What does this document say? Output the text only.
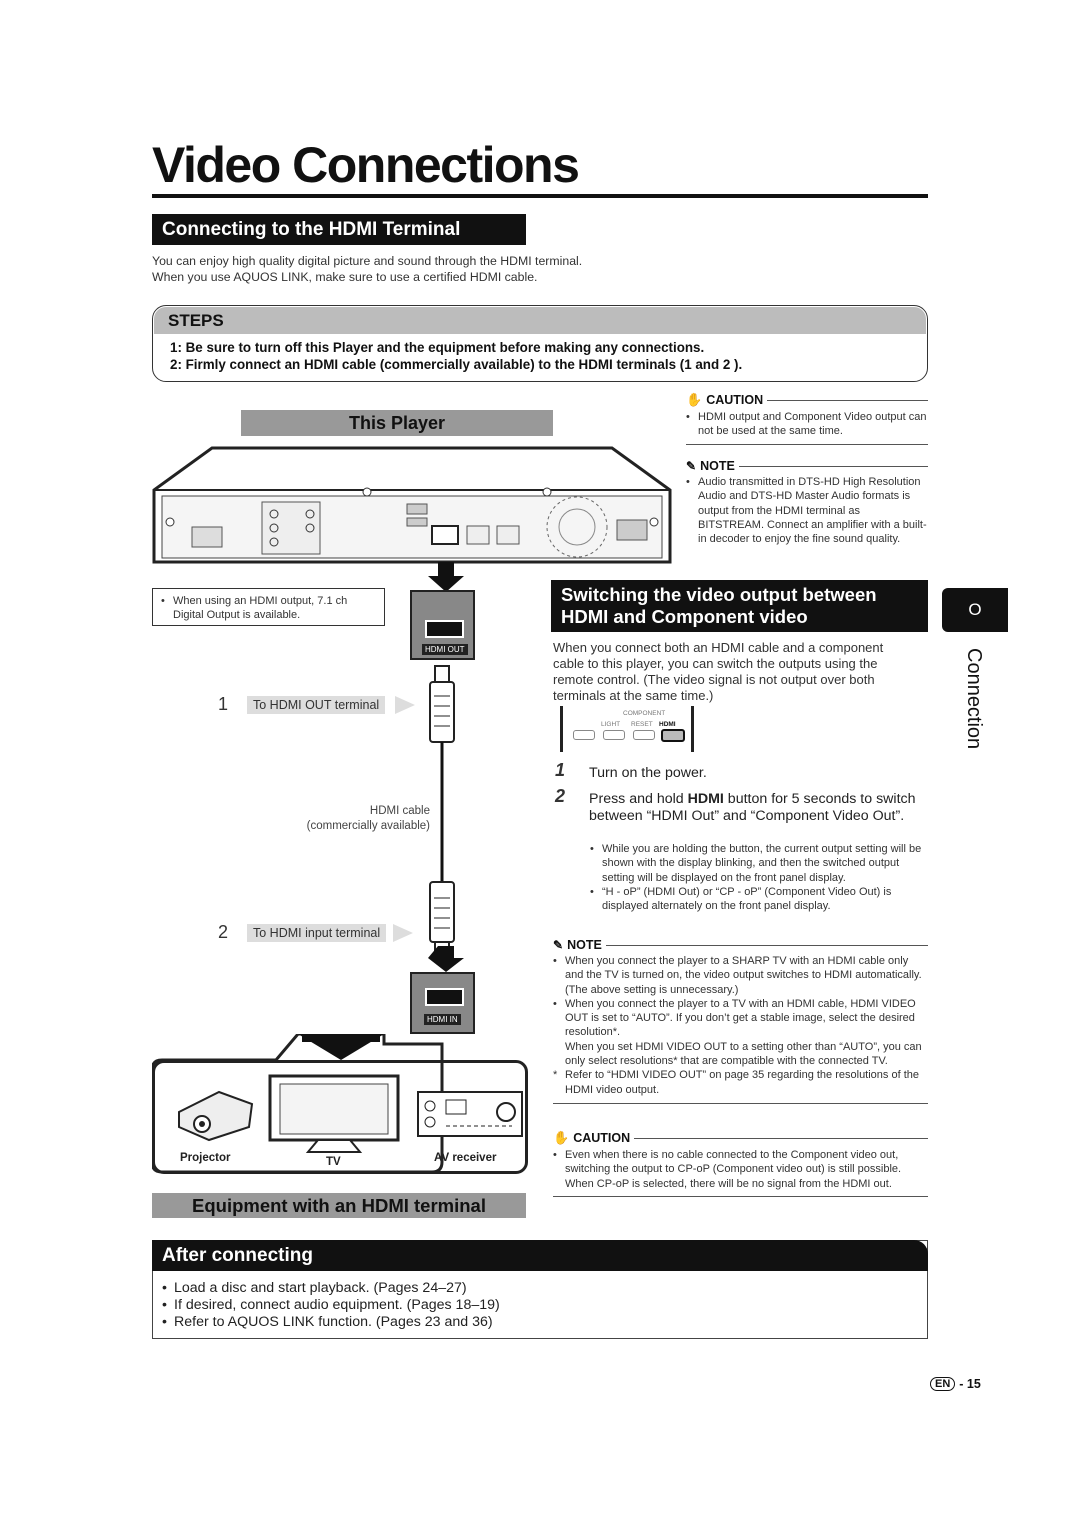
Video Connections
Connecting to the HDMI Terminal
You can enjoy high quality digital picture and sound through the HDMI terminal.
When you use AQUOS LINK, make sure to use a certified HDMI cable.
STEPS
1: Be sure to turn off this Player and the equipment before making any connections.
2: Firmly connect an HDMI cable (commercially available) to the HDMI terminals (1 and 2 ).
This Player
• When using an HDMI output, 7.1 ch Digital Output is available.
HDMI OUT
1	To HDMI OUT terminal
HDMI cable
(commercially available)
2	To HDMI input terminal
HDMI IN
Projector	TV	AV receiver
Equipment with an HDMI terminal
✋ CAUTION
• HDMI output and Component Video output can not be used at the same time.
✎ NOTE
• Audio transmitted in DTS-HD High Resolution Audio and DTS-HD Master Audio formats is output from the HDMI terminal as BITSTREAM. Connect an amplifier with a built-in decoder to enjoy the fine sound quality.
Switching the video output between
HDMI and Component video
When you connect both an HDMI cable and a component cable to this player, you can switch the outputs using the remote control. (The video signal is not output over both terminals at the same time.)
COMPONENT
LIGHT RESET HDMI
1 Turn on the power.
2 Press and hold HDMI button for 5 seconds to switch between “HDMI Out” and “Component Video Out”.
• While you are holding the button, the current output setting will be shown with the display blinking, and then the switched output setting will be displayed on the front panel display.
• “H - oP” (HDMI Out) or “CP - oP” (Component Video Out) is displayed alternately on the front panel display.
✎ NOTE
• When you connect the player to a SHARP TV with an HDMI cable only and the TV is turned on, the video output switches to HDMI automatically. (The above setting is unnecessary.)
• When you connect the player to a TV with an HDMI cable, HDMI VIDEO OUT is set to “AUTO”. If you don’t get a stable image, select the desired resolution*.
When you set HDMI VIDEO OUT to a setting other than “AUTO”, you can only select resolutions* that are compatible with the connected TV.
* Refer to “HDMI VIDEO OUT” on page 35 regarding the resolutions of the HDMI video output.
✋ CAUTION
• Even when there is no cable connected to the Component video out, switching the output to CP-oP (Component video out) is still possible. When CP-oP is selected, there will be no signal from the HDMI out.
O
Connection
After connecting
• Load a disc and start playback. (Pages 24–27)
• If desired, connect audio equipment. (Pages 18–19)
• Refer to AQUOS LINK function. (Pages 23 and 36)
EN - 15
